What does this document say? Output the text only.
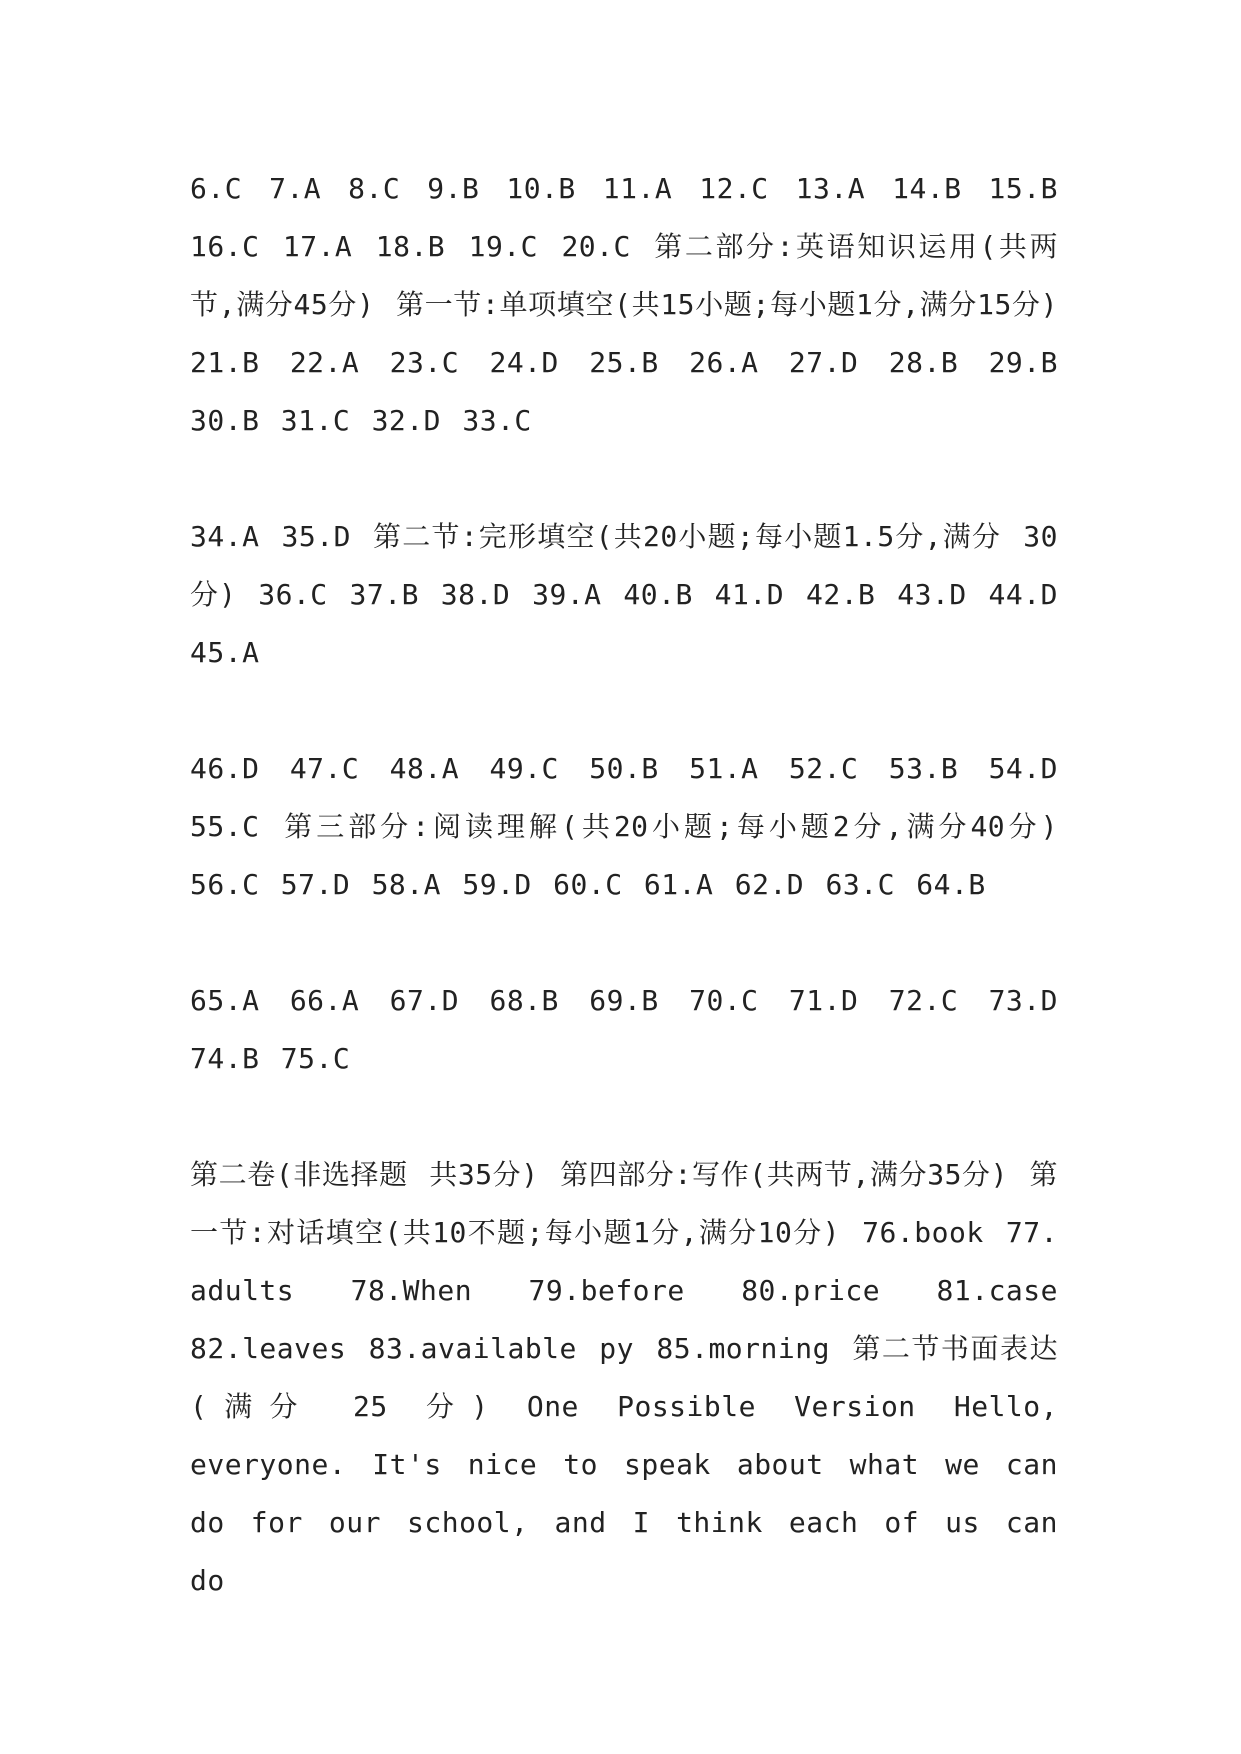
6.C 7.A 8.C 9.B 10.B 11.A 12.C 13.A 14.B 15.B 16.C 17.A 18.B 19.C 20.C 第二部分:英语知识运用(共两节,满分45分) 第一节:单项填空(共15小题;每小题1分,满分15分) 21.B 22.A 23.C 24.D 25.B 26.A 27.D 28.B 29.B 30.B 31.C 32.D 33.C

34.A 35.D 第二节:完形填空(共20小题;每小题1.5分,满分 30 分) 36.C 37.B 38.D 39.A 40.B 41.D 42.B 43.D 44.D 45.A

46.D 47.C 48.A 49.C 50.B 51.A 52.C 53.B 54.D 55.C 第三部分:阅读理解(共20小题;每小题2分,满分40分) 56.C 57.D 58.A 59.D 60.C 61.A 62.D 63.C 64.B

65.A 66.A 67.D 68.B 69.B 70.C 71.D 72.C 73.D 74.B 75.C

第二卷(非选择题 共35分) 第四部分:写作(共两节,满分35分) 第一节:对话填空(共10不题;每小题1分,满分10分) 76.book 77. adults 78.When 79.before 80.price 81.case 82.leaves 83.available py 85.morning 第二节书面表达(满分 25 分) One Possible Version Hello, everyone. It's nice to speak about what we can do for our school, and I think each of us can do
